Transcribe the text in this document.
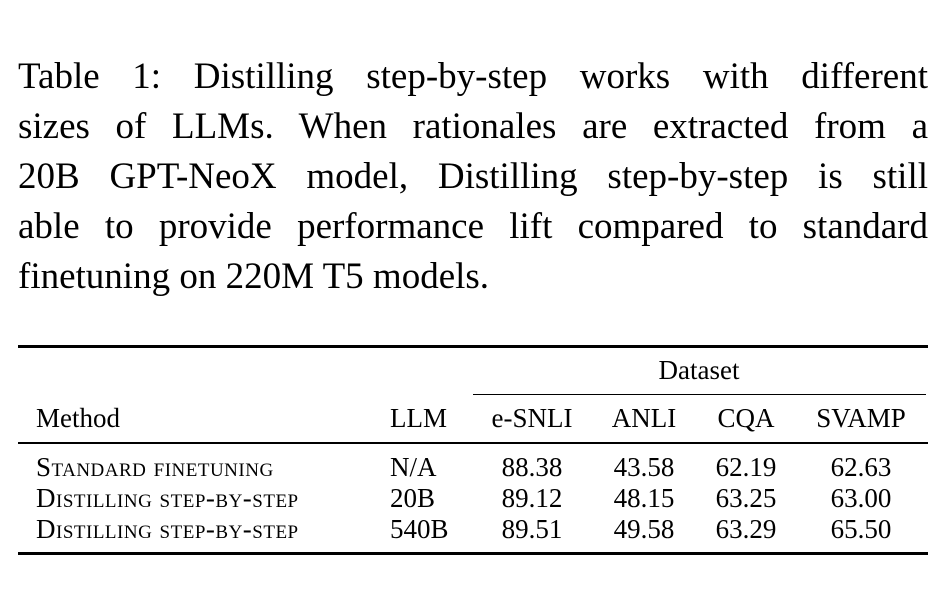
Table 1: Distilling step-by-step works with different
sizes of LLMs. When rationales are extracted from a
20B GPT-NeoX model, Distilling step-by-step is still
able to provide performance lift compared to standard
finetuning on 220M T5 models.
Dataset
Method	LLM e-SNLI ANLI CQA SVAMP
Standard finetuning	N/A 88.38 43.58 62.19 62.63
Distilling step-by-step	20B 89.12 48.15 63.25 63.00
Distilling step-by-step	540B 89.51 49.58 63.29 65.50
